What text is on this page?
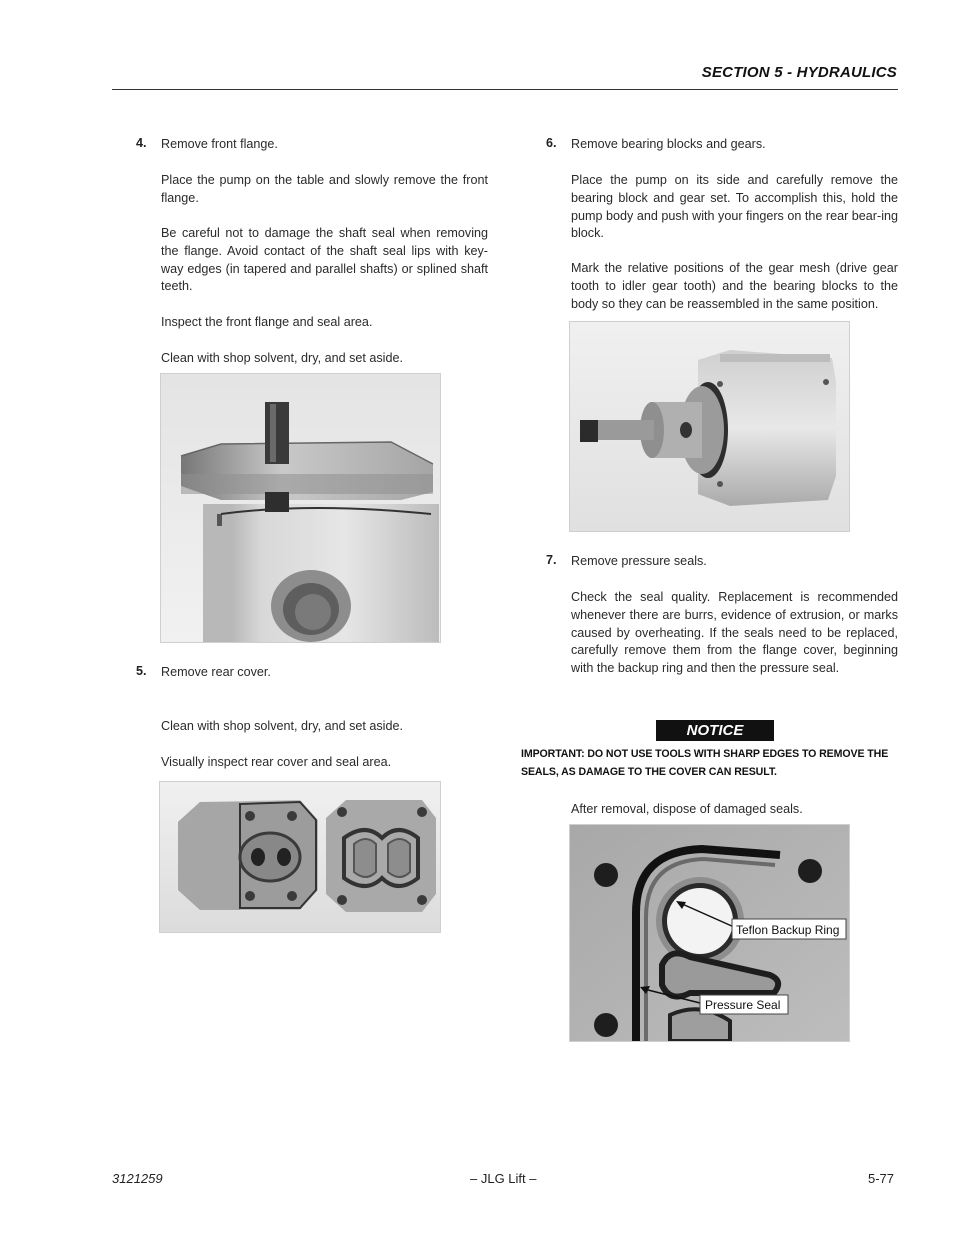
SECTION 5 - HYDRAULICS
4. Remove front flange.
Place the pump on the table and slowly remove the front flange.
Be careful not to damage the shaft seal when removing the flange. Avoid contact of the shaft seal lips with key-way edges (in tapered and parallel shafts) or splined shaft teeth.
Inspect the front flange and seal area.
Clean with shop solvent, dry, and set aside.
5. Remove rear cover.
Clean with shop solvent, dry, and set aside.
Visually inspect rear cover and seal area.
6. Remove bearing blocks and gears.
Place the pump on its side and carefully remove the bearing block and gear set. To accomplish this, hold the pump body and push with your fingers on the rear bear-ing block.
Mark the relative positions of the gear mesh (drive gear tooth to idler gear tooth) and the bearing blocks to the body so they can be reassembled in the same position.
7. Remove pressure seals.
Check the seal quality. Replacement is recommended whenever there are burrs, evidence of extrusion, or marks caused by overheating. If the seals need to be replaced, carefully remove them from the flange cover, beginning with the backup ring and then the pressure seal.
NOTICE
IMPORTANT: DO NOT USE TOOLS WITH SHARP EDGES TO REMOVE THE SEALS, AS DAMAGE TO THE COVER CAN RESULT.
After removal, dispose of damaged seals.
Teflon Backup Ring
Pressure Seal
3121259	– JLG Lift –	5-77
